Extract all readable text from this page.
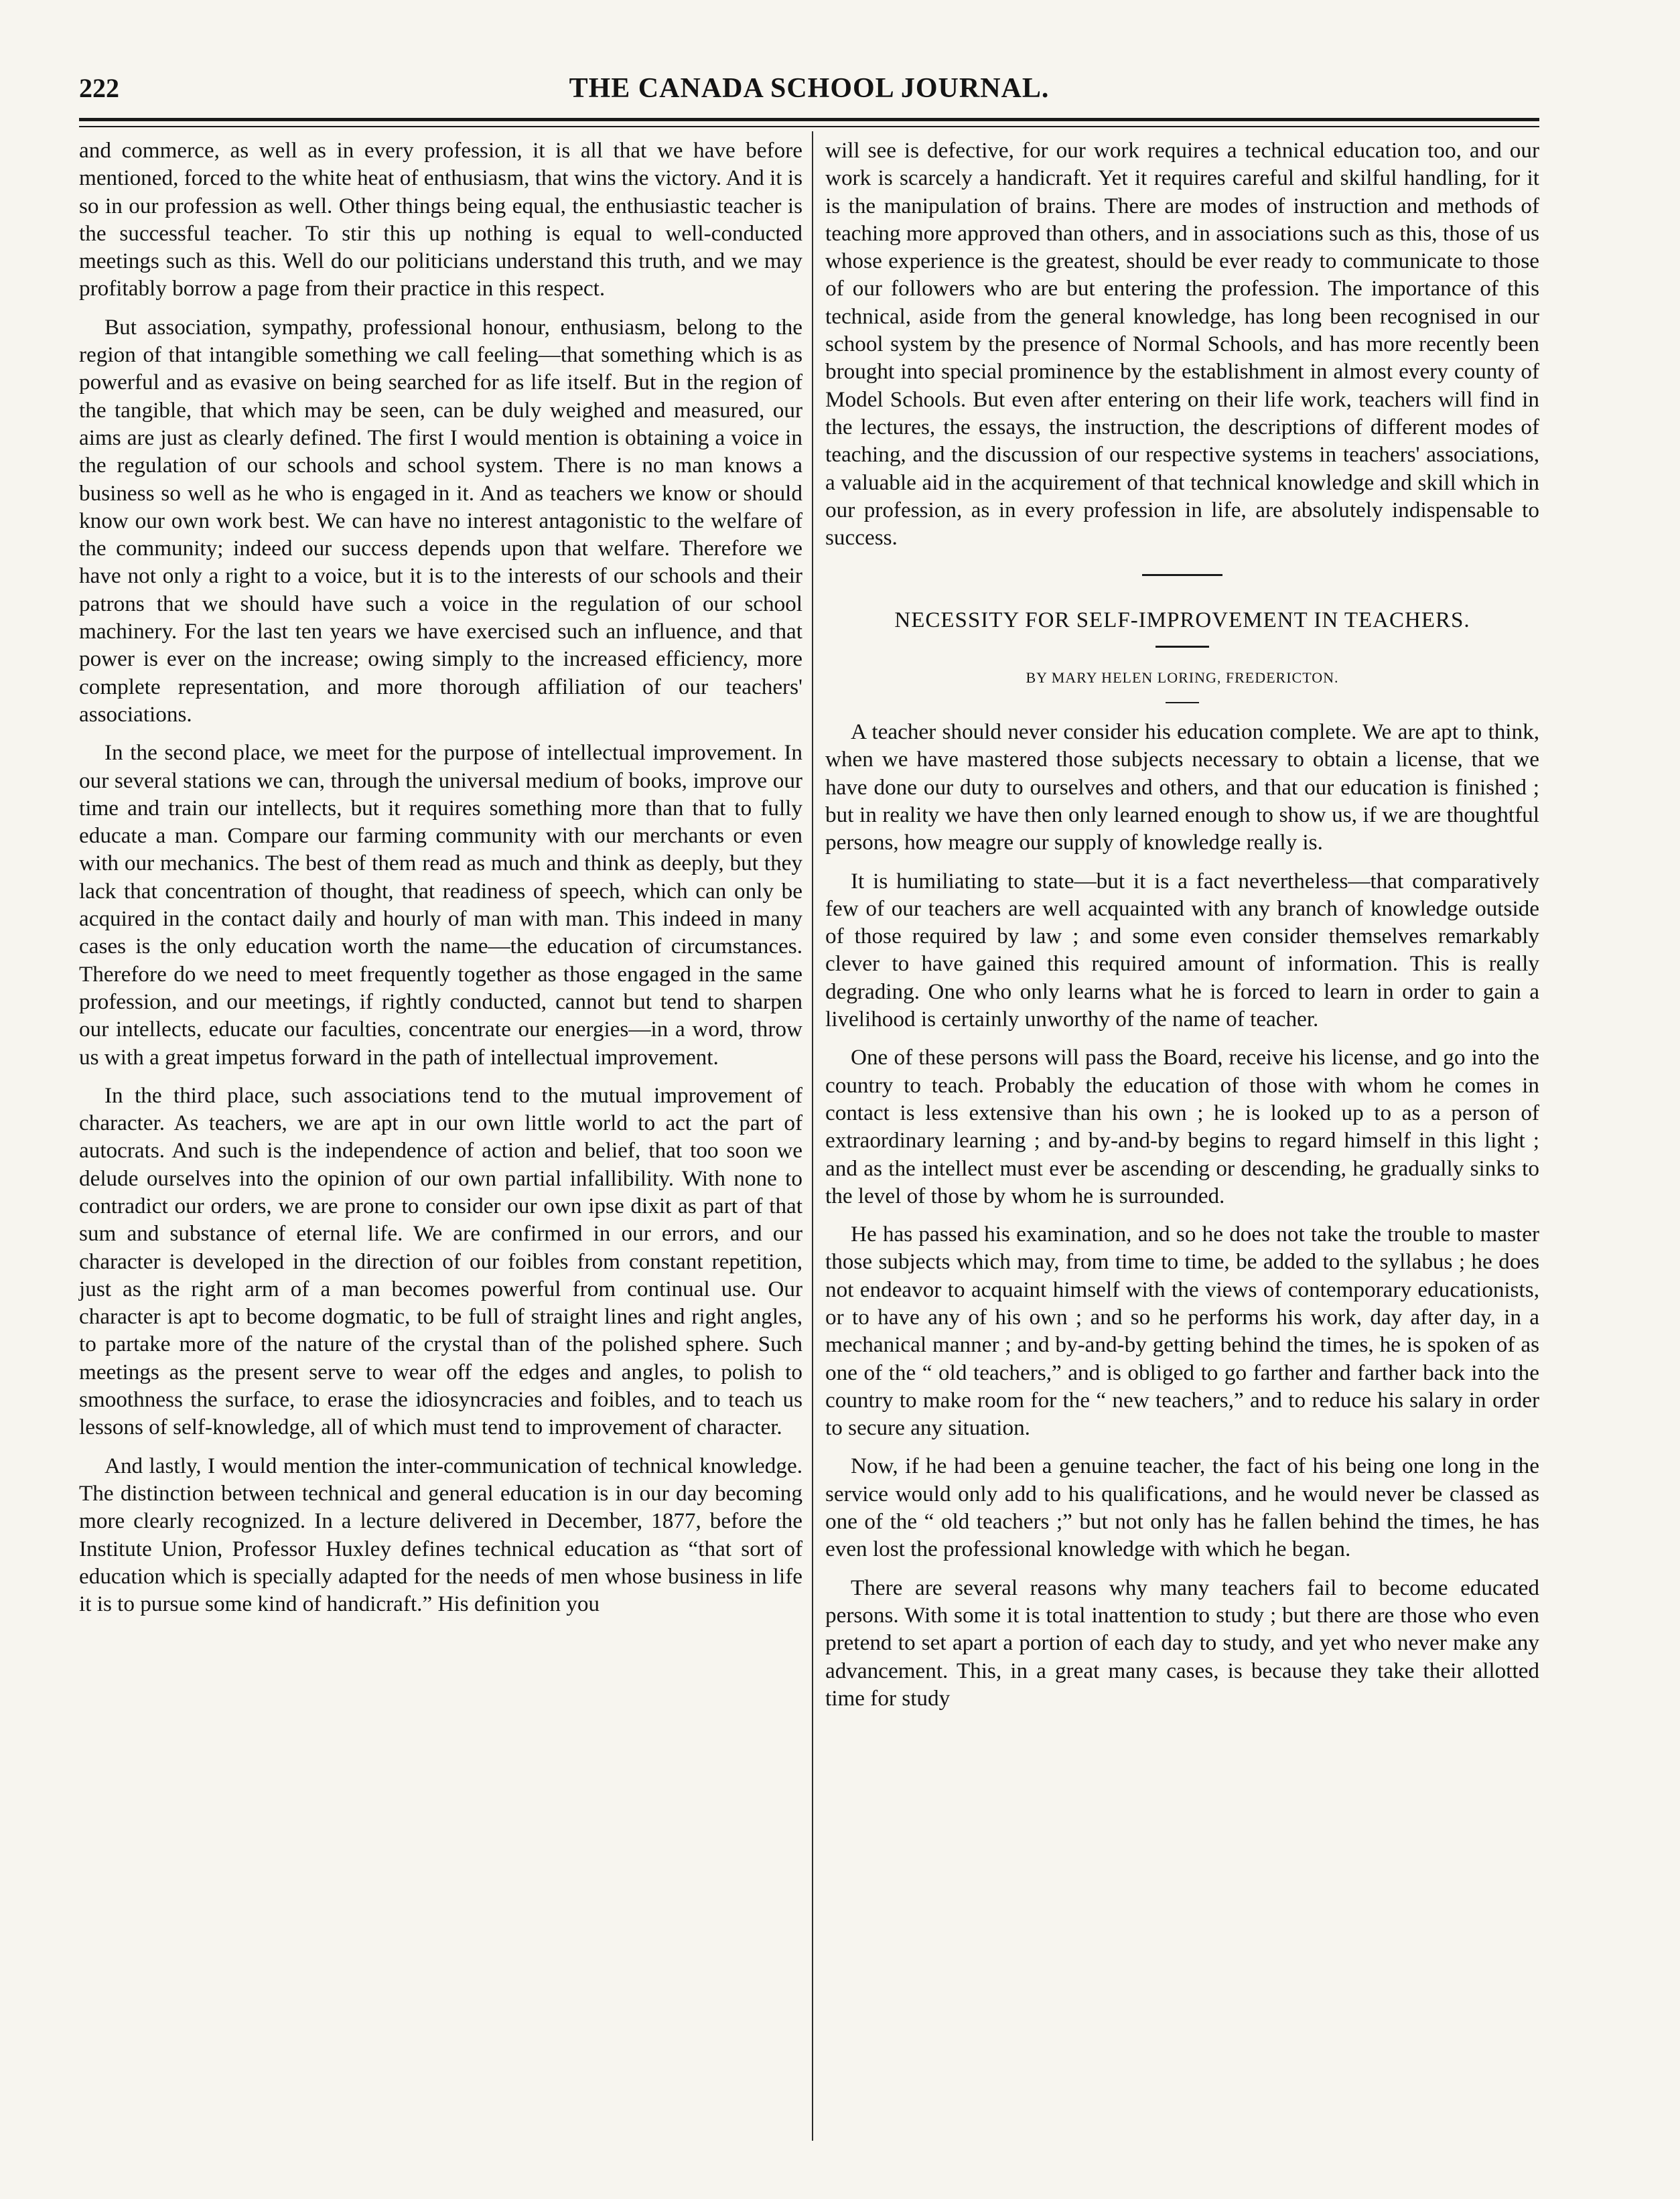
222	THE CANADA SCHOOL JOURNAL.

and commerce, as well as in every profession, it is all that we have before mentioned, forced to the white heat of enthusiasm, that wins the victory. And it is so in our profession as well. Other things being equal, the enthusiastic teacher is the successful teacher. To stir this up nothing is equal to well-conducted meetings such as this. Well do our politicians understand this truth, and we may profitably borrow a page from their practice in this respect.

But association, sympathy, professional honour, enthusiasm, belong to the region of that intangible something we call feeling—that something which is as powerful and as evasive on being searched for as life itself. But in the region of the tangible, that which may be seen, can be duly weighed and measured, our aims are just as clearly defined. The first I would mention is obtaining a voice in the regulation of our schools and school system. There is no man knows a business so well as he who is engaged in it. And as teachers we know or should know our own work best. We can have no interest antagonistic to the welfare of the community; indeed our success depends upon that welfare. Therefore we have not only a right to a voice, but it is to the interests of our schools and their patrons that we should have such a voice in the regulation of our school machinery. For the last ten years we have exercised such an influence, and that power is ever on the increase; owing simply to the increased efficiency, more complete representation, and more thorough affiliation of our teachers' associations.

In the second place, we meet for the purpose of intellectual improvement. In our several stations we can, through the universal medium of books, improve our time and train our intellects, but it requires something more than that to fully educate a man. Compare our farming community with our merchants or even with our mechanics. The best of them read as much and think as deeply, but they lack that concentration of thought, that readiness of speech, which can only be acquired in the contact daily and hourly of man with man. This indeed in many cases is the only education worth the name—the education of circumstances. Therefore do we need to meet frequently together as those engaged in the same profession, and our meetings, if rightly conducted, cannot but tend to sharpen our intellects, educate our faculties, concentrate our energies—in a word, throw us with a great impetus forward in the path of intellectual improvement.

In the third place, such associations tend to the mutual improvement of character. As teachers, we are apt in our own little world to act the part of autocrats. And such is the independence of action and belief, that too soon we delude ourselves into the opinion of our own partial infallibility. With none to contradict our orders, we are prone to consider our own ipse dixit as part of that sum and substance of eternal life. We are confirmed in our errors, and our character is developed in the direction of our foibles from constant repetition, just as the right arm of a man becomes powerful from continual use. Our character is apt to become dogmatic, to be full of straight lines and right angles, to partake more of the nature of the crystal than of the polished sphere. Such meetings as the present serve to wear off the edges and angles, to polish to smoothness the surface, to erase the idiosyncracies and foibles, and to teach us lessons of self-knowledge, all of which must tend to improvement of character.

And lastly, I would mention the inter-communication of technical knowledge. The distinction between technical and general education is in our day becoming more clearly recognized. In a lecture delivered in December, 1877, before the Institute Union, Professor Huxley defines technical education as “that sort of education which is specially adapted for the needs of men whose business in life it is to pursue some kind of handicraft.” His definition you

will see is defective, for our work requires a technical education too, and our work is scarcely a handicraft. Yet it requires careful and skilful handling, for it is the manipulation of brains. There are modes of instruction and methods of teaching more approved than others, and in associations such as this, those of us whose experience is the greatest, should be ever ready to communicate to those of our followers who are but entering the profession. The importance of this technical, aside from the general knowledge, has long been recognised in our school system by the presence of Normal Schools, and has more recently been brought into special prominence by the establishment in almost every county of Model Schools. But even after entering on their life work, teachers will find in the lectures, the essays, the instruction, the descriptions of different modes of teaching, and the discussion of our respective systems in teachers' associations, a valuable aid in the acquirement of that technical knowledge and skill which in our profession, as in every profession in life, are absolutely indispensable to success.

NECESSITY FOR SELF-IMPROVEMENT IN TEACHERS.
BY MARY HELEN LORING, FREDERICTON.

A teacher should never consider his education complete. We are apt to think, when we have mastered those subjects necessary to obtain a license, that we have done our duty to ourselves and others, and that our education is finished ; but in reality we have then only learned enough to show us, if we are thoughtful persons, how meagre our supply of knowledge really is.

It is humiliating to state—but it is a fact nevertheless—that comparatively few of our teachers are well acquainted with any branch of knowledge outside of those required by law ; and some even consider themselves remarkably clever to have gained this required amount of information. This is really degrading. One who only learns what he is forced to learn in order to gain a livelihood is certainly unworthy of the name of teacher.

One of these persons will pass the Board, receive his license, and go into the country to teach. Probably the education of those with whom he comes in contact is less extensive than his own ; he is looked up to as a person of extraordinary learning ; and by-and-by begins to regard himself in this light ; and as the intellect must ever be ascending or descending, he gradually sinks to the level of those by whom he is surrounded.

He has passed his examination, and so he does not take the trouble to master those subjects which may, from time to time, be added to the syllabus ; he does not endeavor to acquaint himself with the views of contemporary educationists, or to have any of his own ; and so he performs his work, day after day, in a mechanical manner ; and by-and-by getting behind the times, he is spoken of as one of the “ old teachers,” and is obliged to go farther and farther back into the country to make room for the “ new teachers,” and to reduce his salary in order to secure any situation.

Now, if he had been a genuine teacher, the fact of his being one long in the service would only add to his qualifications, and he would never be classed as one of the “ old teachers ;” but not only has he fallen behind the times, he has even lost the professional knowledge with which he began.

There are several reasons why many teachers fail to become educated persons. With some it is total inattention to study ; but there are those who even pretend to set apart a portion of each day to study, and yet who never make any advancement. This, in a great many cases, is because they take their allotted time for study
